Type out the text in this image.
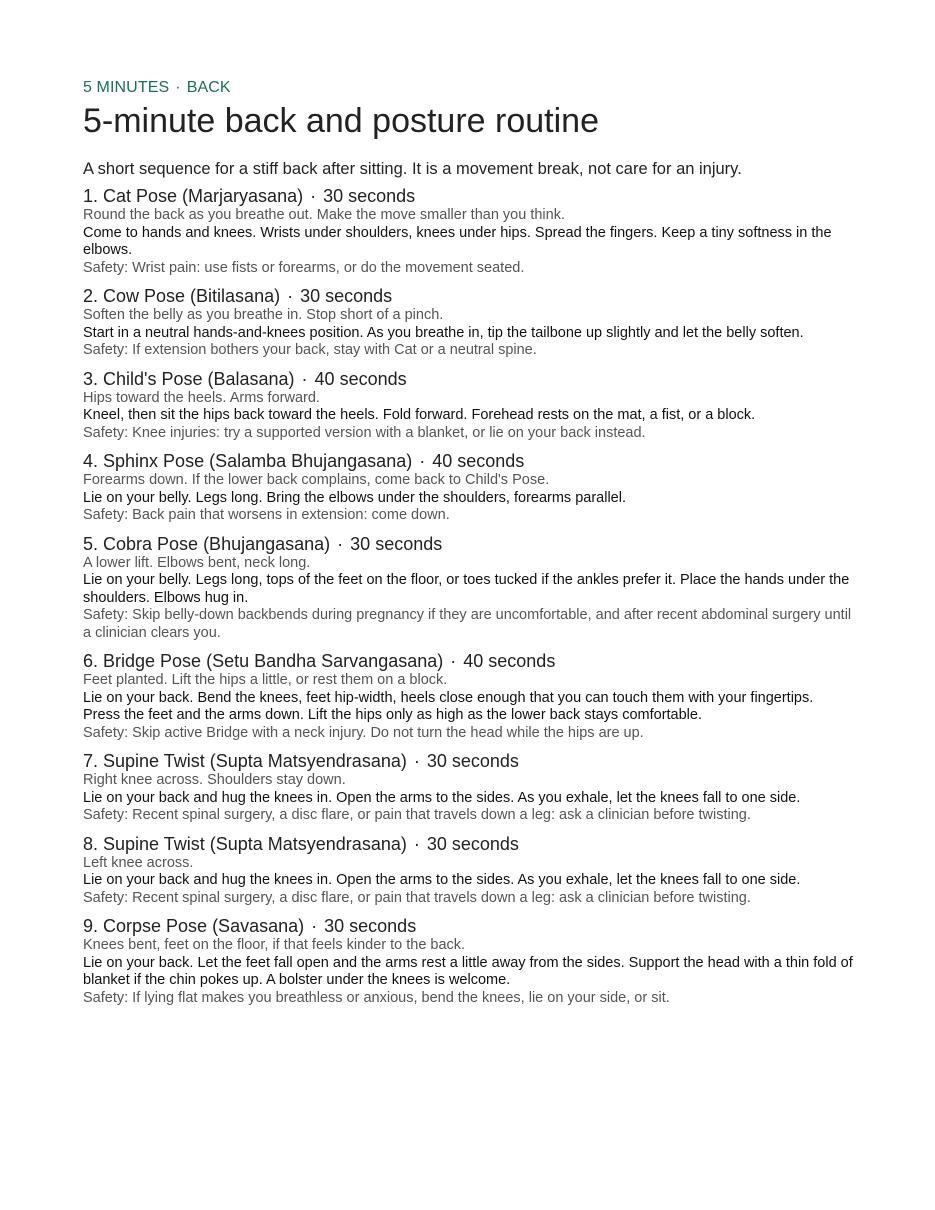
5 MINUTES · BACK
5-minute back and posture routine
A short sequence for a stiff back after sitting. It is a movement break, not care for an injury.
1. Cat Pose (Marjaryasana) · 30 seconds
Round the back as you breathe out. Make the move smaller than you think.
Come to hands and knees. Wrists under shoulders, knees under hips. Spread the fingers. Keep a tiny softness in the elbows.
Safety: Wrist pain: use fists or forearms, or do the movement seated.
2. Cow Pose (Bitilasana) · 30 seconds
Soften the belly as you breathe in. Stop short of a pinch.
Start in a neutral hands-and-knees position. As you breathe in, tip the tailbone up slightly and let the belly soften.
Safety: If extension bothers your back, stay with Cat or a neutral spine.
3. Child's Pose (Balasana) · 40 seconds
Hips toward the heels. Arms forward.
Kneel, then sit the hips back toward the heels. Fold forward. Forehead rests on the mat, a fist, or a block.
Safety: Knee injuries: try a supported version with a blanket, or lie on your back instead.
4. Sphinx Pose (Salamba Bhujangasana) · 40 seconds
Forearms down. If the lower back complains, come back to Child's Pose.
Lie on your belly. Legs long. Bring the elbows under the shoulders, forearms parallel.
Safety: Back pain that worsens in extension: come down.
5. Cobra Pose (Bhujangasana) · 30 seconds
A lower lift. Elbows bent, neck long.
Lie on your belly. Legs long, tops of the feet on the floor, or toes tucked if the ankles prefer it. Place the hands under the shoulders. Elbows hug in.
Safety: Skip belly-down backbends during pregnancy if they are uncomfortable, and after recent abdominal surgery until a clinician clears you.
6. Bridge Pose (Setu Bandha Sarvangasana) · 40 seconds
Feet planted. Lift the hips a little, or rest them on a block.
Lie on your back. Bend the knees, feet hip-width, heels close enough that you can touch them with your fingertips. Press the feet and the arms down. Lift the hips only as high as the lower back stays comfortable.
Safety: Skip active Bridge with a neck injury. Do not turn the head while the hips are up.
7. Supine Twist (Supta Matsyendrasana) · 30 seconds
Right knee across. Shoulders stay down.
Lie on your back and hug the knees in. Open the arms to the sides. As you exhale, let the knees fall to one side.
Safety: Recent spinal surgery, a disc flare, or pain that travels down a leg: ask a clinician before twisting.
8. Supine Twist (Supta Matsyendrasana) · 30 seconds
Left knee across.
Lie on your back and hug the knees in. Open the arms to the sides. As you exhale, let the knees fall to one side.
Safety: Recent spinal surgery, a disc flare, or pain that travels down a leg: ask a clinician before twisting.
9. Corpse Pose (Savasana) · 30 seconds
Knees bent, feet on the floor, if that feels kinder to the back.
Lie on your back. Let the feet fall open and the arms rest a little away from the sides. Support the head with a thin fold of blanket if the chin pokes up. A bolster under the knees is welcome.
Safety: If lying flat makes you breathless or anxious, bend the knees, lie on your side, or sit.
